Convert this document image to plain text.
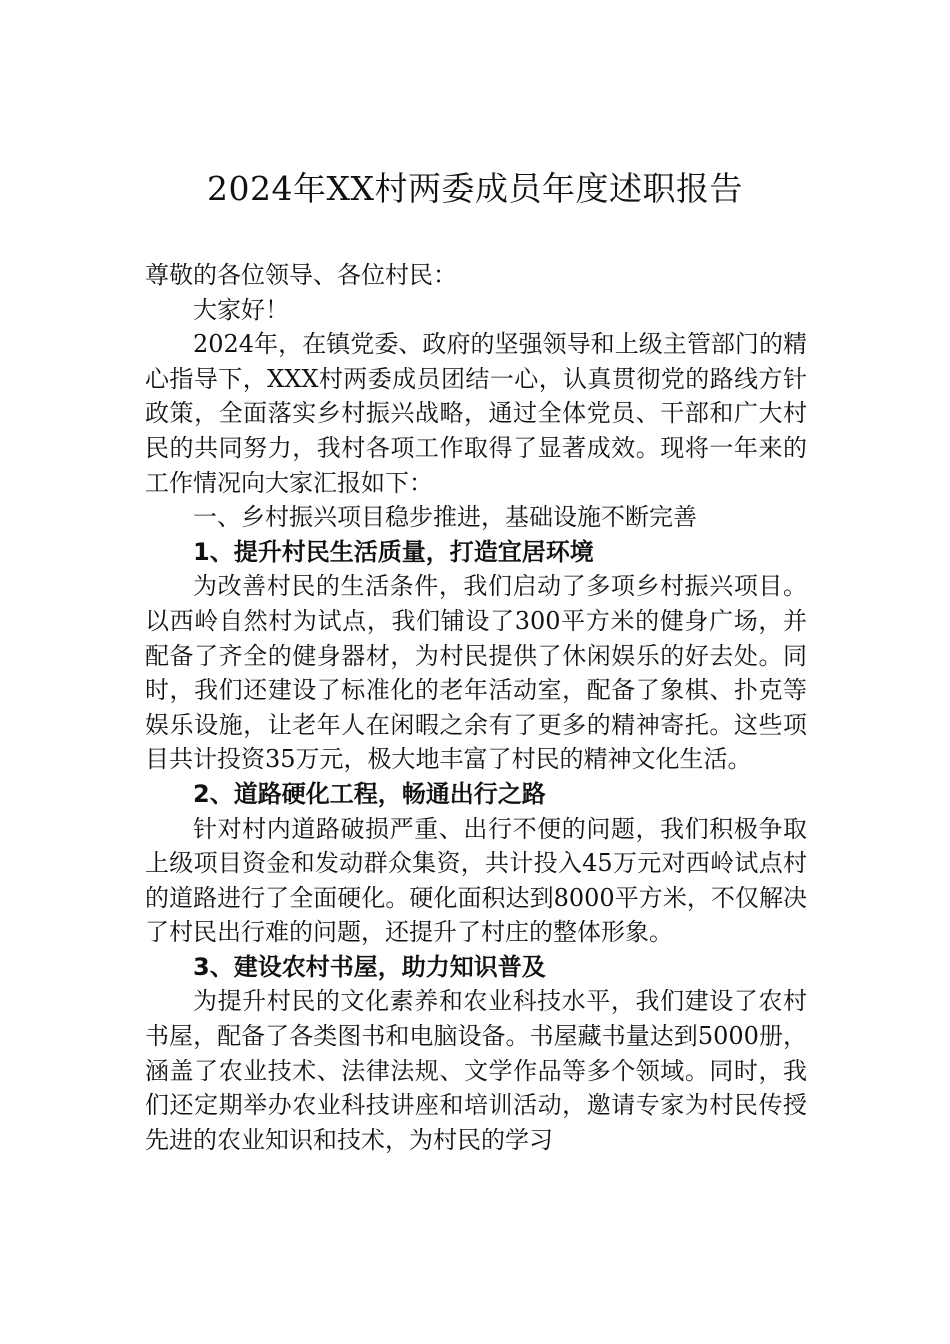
2024年XX村两委成员年度述职报告

尊敬的各位领导、各位村民：

大家好！

2024年，在镇党委、政府的坚强领导和上级主管部门的精心指导下，XXX村两委成员团结一心，认真贯彻党的路线方针政策，全面落实乡村振兴战略，通过全体党员、干部和广大村民的共同努力，我村各项工作取得了显著成效。现将一年来的工作情况向大家汇报如下：

一、乡村振兴项目稳步推进，基础设施不断完善

1、提升村民生活质量，打造宜居环境

为改善村民的生活条件，我们启动了多项乡村振兴项目。以西岭自然村为试点，我们铺设了300平方米的健身广场，并配备了齐全的健身器材，为村民提供了休闲娱乐的好去处。同时，我们还建设了标准化的老年活动室，配备了象棋、扑克等娱乐设施，让老年人在闲暇之余有了更多的精神寄托。这些项目共计投资35万元，极大地丰富了村民的精神文化生活。

2、道路硬化工程，畅通出行之路

针对村内道路破损严重、出行不便的问题，我们积极争取上级项目资金和发动群众集资，共计投入45万元对西岭试点村的道路进行了全面硬化。硬化面积达到8000平方米，不仅解决了村民出行难的问题，还提升了村庄的整体形象。

3、建设农村书屋，助力知识普及

为提升村民的文化素养和农业科技水平，我们建设了农村书屋，配备了各类图书和电脑设备。书屋藏书量达到5000册，涵盖了农业技术、法律法规、文学作品等多个领域。同时，我们还定期举办农业科技讲座和培训活动，邀请专家为村民传授先进的农业知识和技术，为村民的学习
